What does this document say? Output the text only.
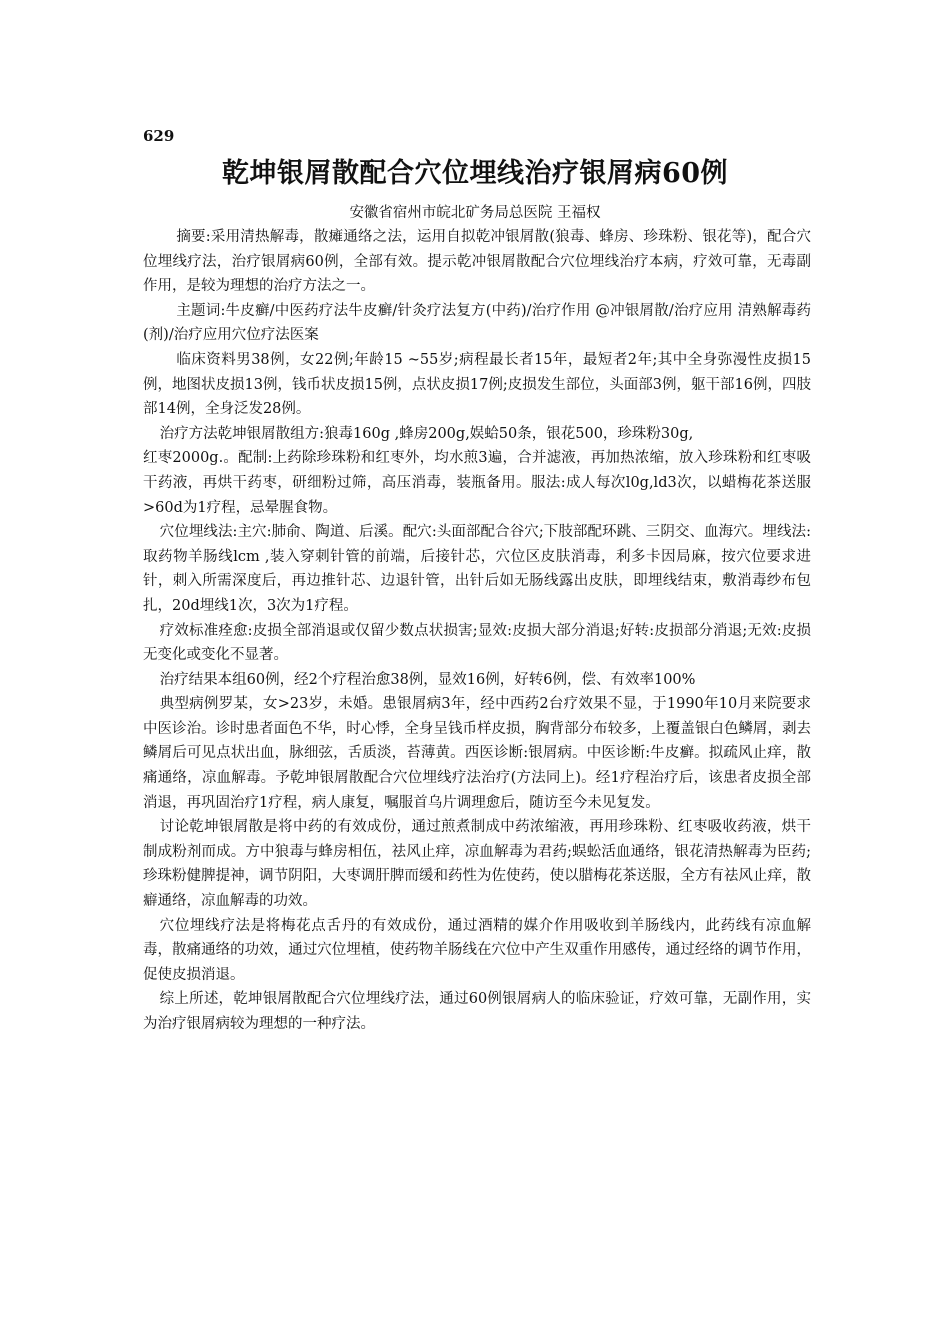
629
乾坤银屑散配合穴位埋线治疗银屑病60例
安徽省宿州市皖北矿务局总医院 王福权

摘要:采用清热解毒，散瘫通络之法，运用自拟乾冲银屑散(狼毒、蜂房、珍珠粉、银花等)，配合穴位埋线疗法，治疗银屑病60例，全部有效。提示乾冲银屑散配合穴位埋线治疗本病，疗效可靠，无毒副作用，是较为理想的治疗方法之一。

主题词:牛皮癣/中医药疗法牛皮癣/针灸疗法复方(中药)/治疗作用 @冲银屑散/治疗应用 清熟解毒药(剂)/治疗应用穴位疗法医案

临床资料男38例，女22例;年龄15 ~55岁;病程最长者15年，最短者2年;其中全身弥漫性皮损15例，地图状皮损13例，钱币状皮损15例，点状皮损17例;皮损发生部位，头面部3例，躯干部16例，四肢部14例，全身泛发28例。

治疗方法乾坤银屑散组方:狼毒160g ,蜂房200g,娱蛤50条，银花500，珍珠粉30g,

红枣2000g.。配制:上药除珍珠粉和红枣外，均水煎3遍，合并滤液，再加热浓缩，放入珍珠粉和红枣吸干药液，再烘干药枣，研细粉过筛，高压消毒，装瓶备用。服法:成人每次l0g,ld3次，以蜡梅花茶送服>60d为1疗程，忌晕腥食物。

穴位埋线法:主穴:肺俞、陶道、后溪。配穴:头面部配合谷穴;下肢部配环跳、三阴交、血海穴。埋线法:取药物羊肠线lcm ,装入穿刺针管的前端，后接针芯，穴位区皮肤消毒，利多卡因局麻，按穴位要求进针，刺入所需深度后，再边推针芯、边退针管，出针后如无肠线露出皮肤，即埋线结束，敷消毒纱布包扎，20d埋线1次，3次为1疗程。

疗效标准痊愈:皮损全部消退或仅留少数点状损害;显效:皮损大部分消退;好转:皮损部分消退;无效:皮损无变化或变化不显著。

治疗结果本组60例，经2个疗程治愈38例，显效16例，好转6例，偿、有效率100%

典型病例罗某，女>23岁，未婚。患银屑病3年，经中西药2台疗效果不显，于1990年10月来院要求中医诊治。诊时患者面色不华，时心悸，全身呈钱币样皮损，胸背部分布较多，上覆盖银白色鳞屑，剥去鳞屑后可见点状出血，脉细弦，舌质淡，苔薄黄。西医诊断:银屑病。中医诊断:牛皮癣。拟疏风止痒，散痛通络，凉血解毒。予乾坤银屑散配合穴位埋线疗法治疗(方法同上)。经1疗程治疗后，该患者皮损全部消退，再巩固治疗1疗程，病人康复，嘱服首乌片调理愈后，随访至今未见复发。

讨论乾坤银屑散是将中药的有效成份，通过煎煮制成中药浓缩液，再用珍珠粉、红枣吸收药液，烘干制成粉剂而成。方中狼毒与蜂房相伍，祛风止痒，凉血解毒为君药;蜈蚣活血通络，银花清热解毒为臣药;珍珠粉健脾提神，调节阴阳，大枣调肝脾而缓和药性为佐使药，使以腊梅花茶送服，全方有祛风止痒，散癖通络，凉血解毒的功效。

穴位埋线疗法是将梅花点舌丹的有效成份，通过酒精的媒介作用吸收到羊肠线内，此药线有凉血解毒，散痛通络的功效，通过穴位埋植，使药物羊肠线在穴位中产生双重作用感传，通过经络的调节作用，促使皮损消退。

综上所述，乾坤银屑散配合穴位埋线疗法，通过60例银屑病人的临床验证，疗效可靠，无副作用，实为治疗银屑病较为理想的一种疗法。
